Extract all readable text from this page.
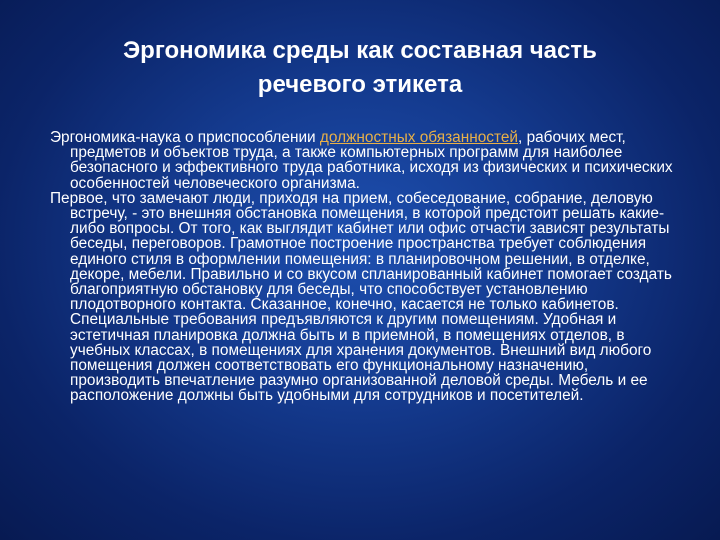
Эргономика среды как составная часть
речевого этикета

Эргономика-наука о приспособлении должностных обязанностей, рабочих мест, предметов и объектов труда, а также компьютерных программ для наиболее безопасного и эффективного труда работника, исходя из физических и психических особенностей человеческого организма.

Первое, что замечают люди, приходя на прием, собеседование, собрание, деловую встречу, - это внешняя обстановка помещения, в которой предстоит решать какие-либо вопросы. От того, как выглядит кабинет или офис отчасти зависят результаты беседы, переговоров. Грамотное построение пространства требует соблюдения единого стиля в оформлении помещения: в планировочном решении, в отделке, декоре, мебели. Правильно и со вкусом спланированный кабинет помогает создать благоприятную обстановку для беседы, что способствует установлению плодотворного контакта. Сказанное, конечно, касается не только кабинетов. Специальные требования предъявляются к другим помещениям. Удобная и эстетичная планировка должна быть и в приемной, в помещениях отделов, в учебных классах, в помещениях для хранения документов. Внешний вид любого помещения должен соответствовать его функциональному назначению, производить впечатление разумно организованной деловой среды. Мебель и ее расположение должны быть удобными для сотрудников и посетителей.
